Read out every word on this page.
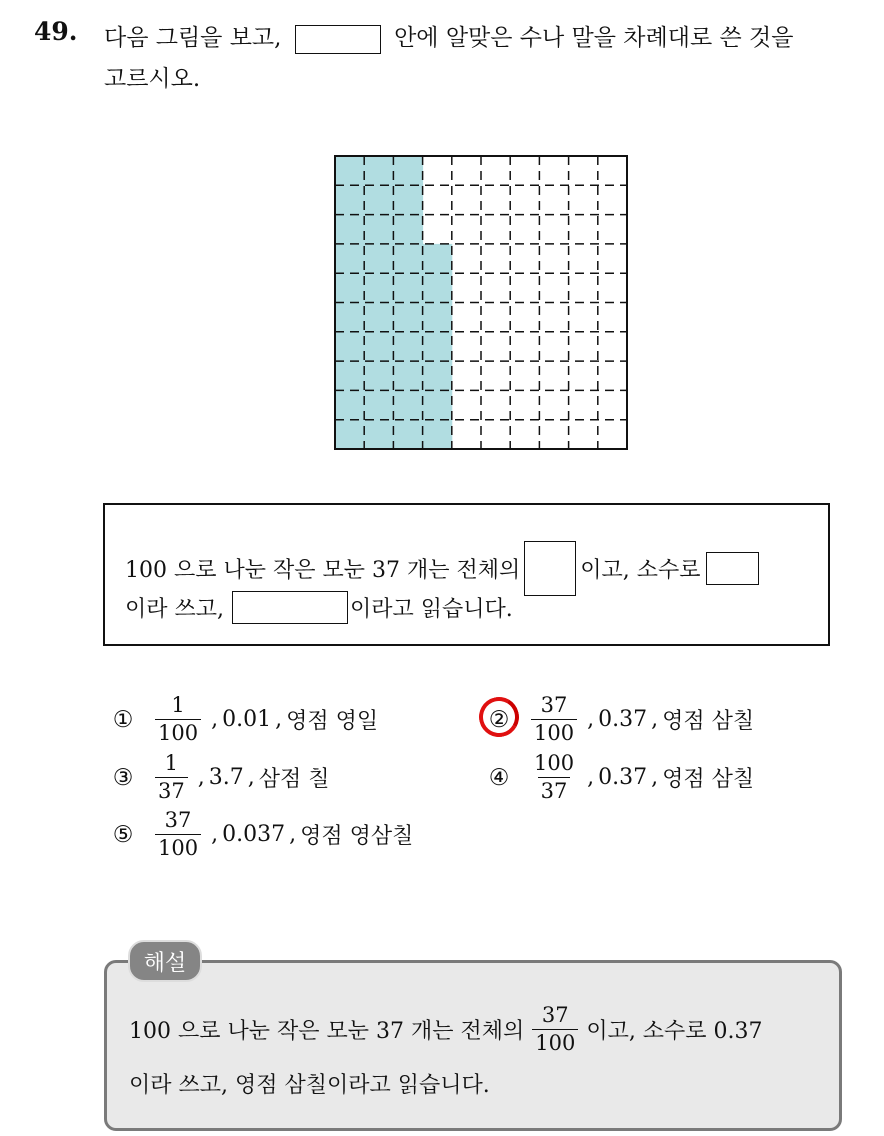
49. 다음 그림을 보고,	안에 알맞은 수나 말을 차례대로 쓴 것을
고르시오.
100 으로 나눈 작은 모눈 37 개는 전체의	이고, 소수로
이라 쓰고,	이라고 읽습니다.
① $\frac{1}{100}$ , 0.01 , 영점 영일	② $\frac{37}{100}$ , 0.37 , 영점 삼칠
③ $\frac{1}{37}$ , 3.7 , 삼점 칠	④ $\frac{100}{37}$ , 0.37 , 영점 삼칠
⑤ $\frac{37}{100}$ , 0.037 , 영점 영삼칠
100 으로 나눈 작은 모눈 37 개는 전체의 $\frac{37}{100}$ 이고, 소수로 0.37
이라 쓰고, 영점 삼칠이라고 읽습니다.
해설
